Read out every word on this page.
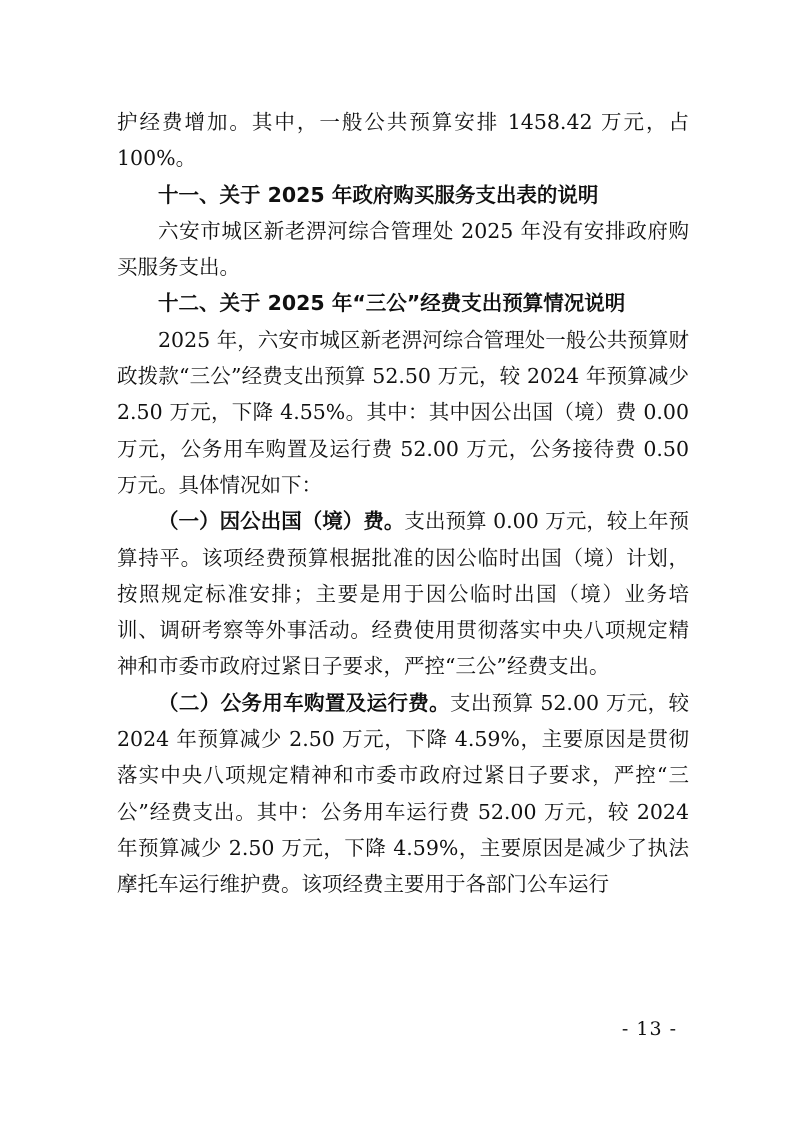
护经费增加。其中，一般公共预算安排 1458.42 万元，占 100%。

十一、关于 2025 年政府购买服务支出表的说明

六安市城区新老淠河综合管理处 2025 年没有安排政府购买服务支出。

十二、关于 2025 年“三公”经费支出预算情况说明

2025 年，六安市城区新老淠河综合管理处一般公共预算财政拨款“三公”经费支出预算 52.50 万元，较 2024 年预算减少 2.50 万元，下降 4.55%。其中：其中因公出国（境）费 0.00 万元，公务用车购置及运行费 52.00 万元，公务接待费 0.50 万元。具体情况如下：

（一）因公出国（境）费。支出预算 0.00 万元，较上年预算持平。该项经费预算根据批准的因公临时出国（境）计划，按照规定标准安排；主要是用于因公临时出国（境）业务培训、调研考察等外事活动。经费使用贯彻落实中央八项规定精神和市委市政府过紧日子要求，严控“三公”经费支出。

（二）公务用车购置及运行费。支出预算 52.00 万元，较 2024 年预算减少 2.50 万元，下降 4.59%，主要原因是贯彻落实中央八项规定精神和市委市政府过紧日子要求，严控“三公”经费支出。其中：公务用车运行费 52.00 万元，较 2024 年预算减少 2.50 万元，下降 4.59%，主要原因是减少了执法摩托车运行维护费。该项经费主要用于各部门公车运行

- 13 -
